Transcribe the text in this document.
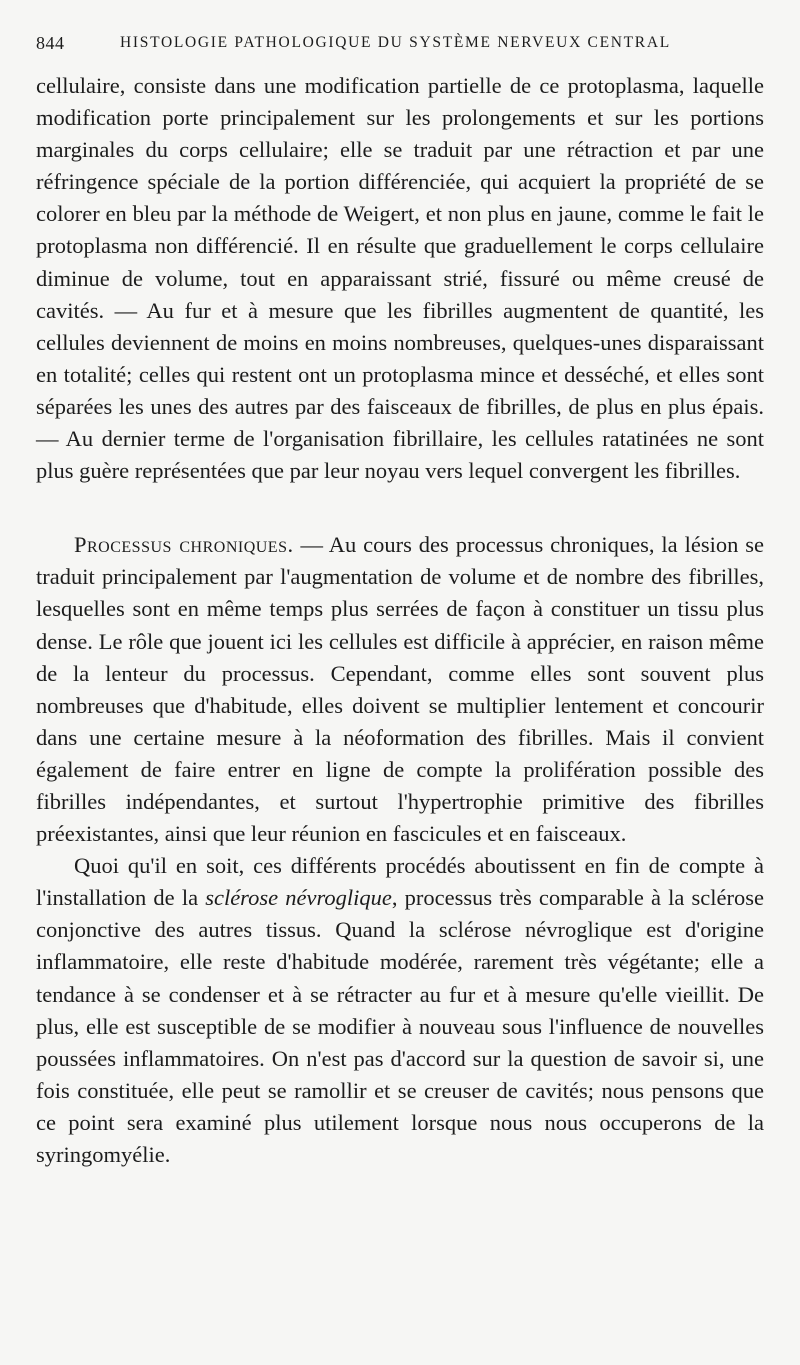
844	HISTOLOGIE PATHOLOGIQUE DU SYSTÈME NERVEUX CENTRAL

cellulaire, consiste dans une modification partielle de ce protoplasma, laquelle modification porte principalement sur les prolongements et sur les portions marginales du corps cellulaire; elle se traduit par une rétraction et par une réfringence spéciale de la portion différenciée, qui acquiert la propriété de se colorer en bleu par la méthode de Weigert, et non plus en jaune, comme le fait le protoplasma non différencié. Il en résulte que graduellement le corps cellulaire diminue de volume, tout en apparaissant strié, fissuré ou même creusé de cavités. — Au fur et à mesure que les fibrilles augmentent de quantité, les cellules deviennent de moins en moins nombreuses, quelques-unes disparaissant en totalité; celles qui restent ont un protoplasma mince et desséché, et elles sont séparées les unes des autres par des faisceaux de fibrilles, de plus en plus épais. — Au dernier terme de l'organisation fibrillaire, les cellules ratatinées ne sont plus guère représentées que par leur noyau vers lequel convergent les fibrilles.

Processus chroniques. — Au cours des processus chroniques, la lésion se traduit principalement par l'augmentation de volume et de nombre des fibrilles, lesquelles sont en même temps plus serrées de façon à constituer un tissu plus dense. Le rôle que jouent ici les cellules est difficile à apprécier, en raison même de la lenteur du processus. Cependant, comme elles sont souvent plus nombreuses que d'habitude, elles doivent se multiplier lentement et concourir dans une certaine mesure à la néoformation des fibrilles. Mais il convient également de faire entrer en ligne de compte la prolifération possible des fibrilles indépendantes, et surtout l'hypertrophie primitive des fibrilles préexistantes, ainsi que leur réunion en fascicules et en faisceaux.

Quoi qu'il en soit, ces différents procédés aboutissent en fin de compte à l'installation de la sclérose névroglique, processus très comparable à la sclérose conjonctive des autres tissus. Quand la sclérose névroglique est d'origine inflammatoire, elle reste d'habitude modérée, rarement très végétante; elle a tendance à se condenser et à se rétracter au fur et à mesure qu'elle vieillit. De plus, elle est susceptible de se modifier à nouveau sous l'influence de nouvelles poussées inflammatoires. On n'est pas d'accord sur la question de savoir si, une fois constituée, elle peut se ramollir et se creuser de cavités; nous pensons que ce point sera examiné plus utilement lorsque nous nous occuperons de la syringomyélie.
